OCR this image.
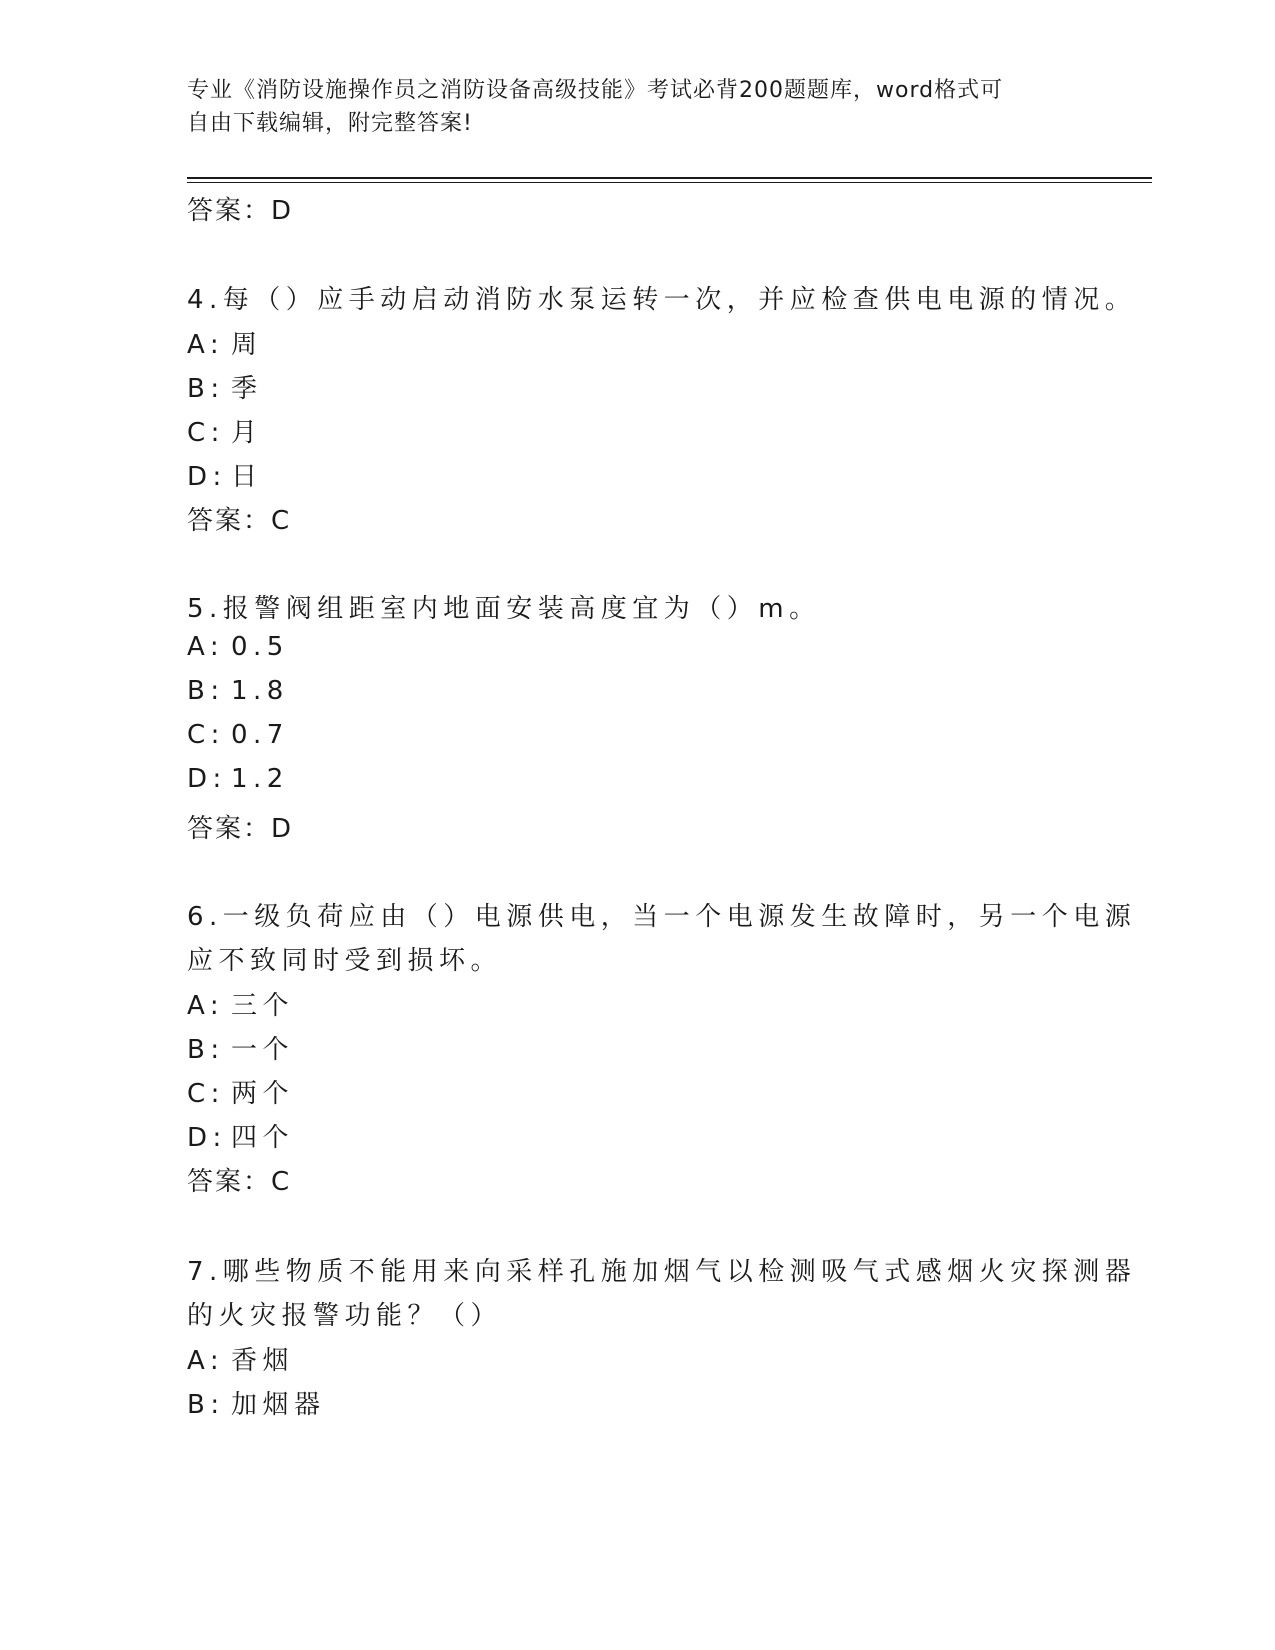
专业《消防设施操作员之消防设备高级技能》考试必背200题题库，word格式可
自由下载编辑，附完整答案!
答案：D
4.每（）应手动启动消防水泵运转一次，并应检查供电电源的情况。
A: 周
B: 季
C: 月
D: 日
答案：C
5.报警阀组距室内地面安装高度宜为（）m。
A: 0.5
B: 1.8
C: 0.7
D: 1.2
答案：D
6.一级负荷应由（）电源供电，当一个电源发生故障时，另一个电源
应不致同时受到损坏。
A: 三个
B: 一个
C: 两个
D: 四个
答案：C
7.哪些物质不能用来向采样孔施加烟气以检测吸气式感烟火灾探测器
的火灾报警功能？（）
A: 香烟
B: 加烟器
